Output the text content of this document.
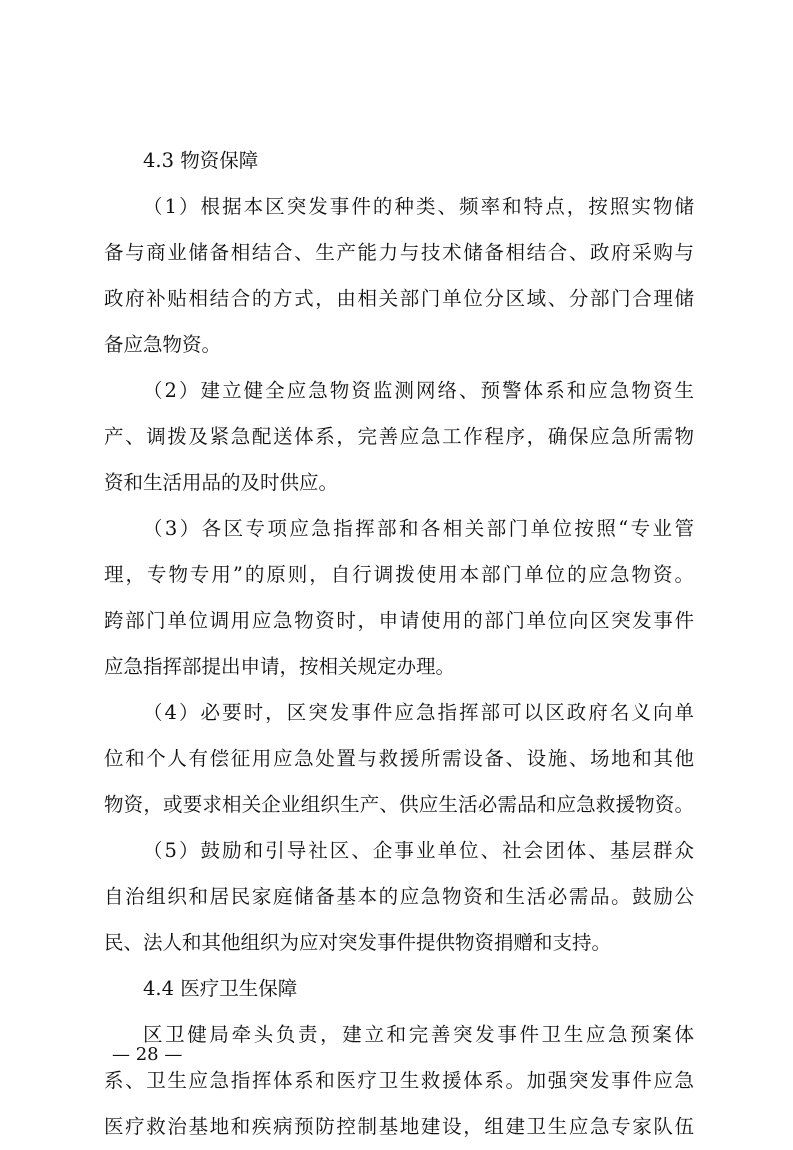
4.3 物资保障
（1）根据本区突发事件的种类、频率和特点，按照实物储
备与商业储备相结合、生产能力与技术储备相结合、政府采购与
政府补贴相结合的方式，由相关部门单位分区域、分部门合理储
备应急物资。
（2）建立健全应急物资监测网络、预警体系和应急物资生
产、调拨及紧急配送体系，完善应急工作程序，确保应急所需物
资和生活用品的及时供应。
（3）各区专项应急指挥部和各相关部门单位按照“专业管
理，专物专用”的原则，自行调拨使用本部门单位的应急物资。
跨部门单位调用应急物资时，申请使用的部门单位向区突发事件
应急指挥部提出申请，按相关规定办理。
（4）必要时，区突发事件应急指挥部可以区政府名义向单
位和个人有偿征用应急处置与救援所需设备、设施、场地和其他
物资，或要求相关企业组织生产、供应生活必需品和应急救援物资。
（5）鼓励和引导社区、企事业单位、社会团体、基层群众
自治组织和居民家庭储备基本的应急物资和生活必需品。鼓励公
民、法人和其他组织为应对突发事件提供物资捐赠和支持。
4.4 医疗卫生保障
区卫健局牵头负责，建立和完善突发事件卫生应急预案体
系、卫生应急指挥体系和医疗卫生救援体系。加强突发事件应急
医疗救治基地和疾病预防控制基地建设，组建卫生应急专家队伍
— 28 —
